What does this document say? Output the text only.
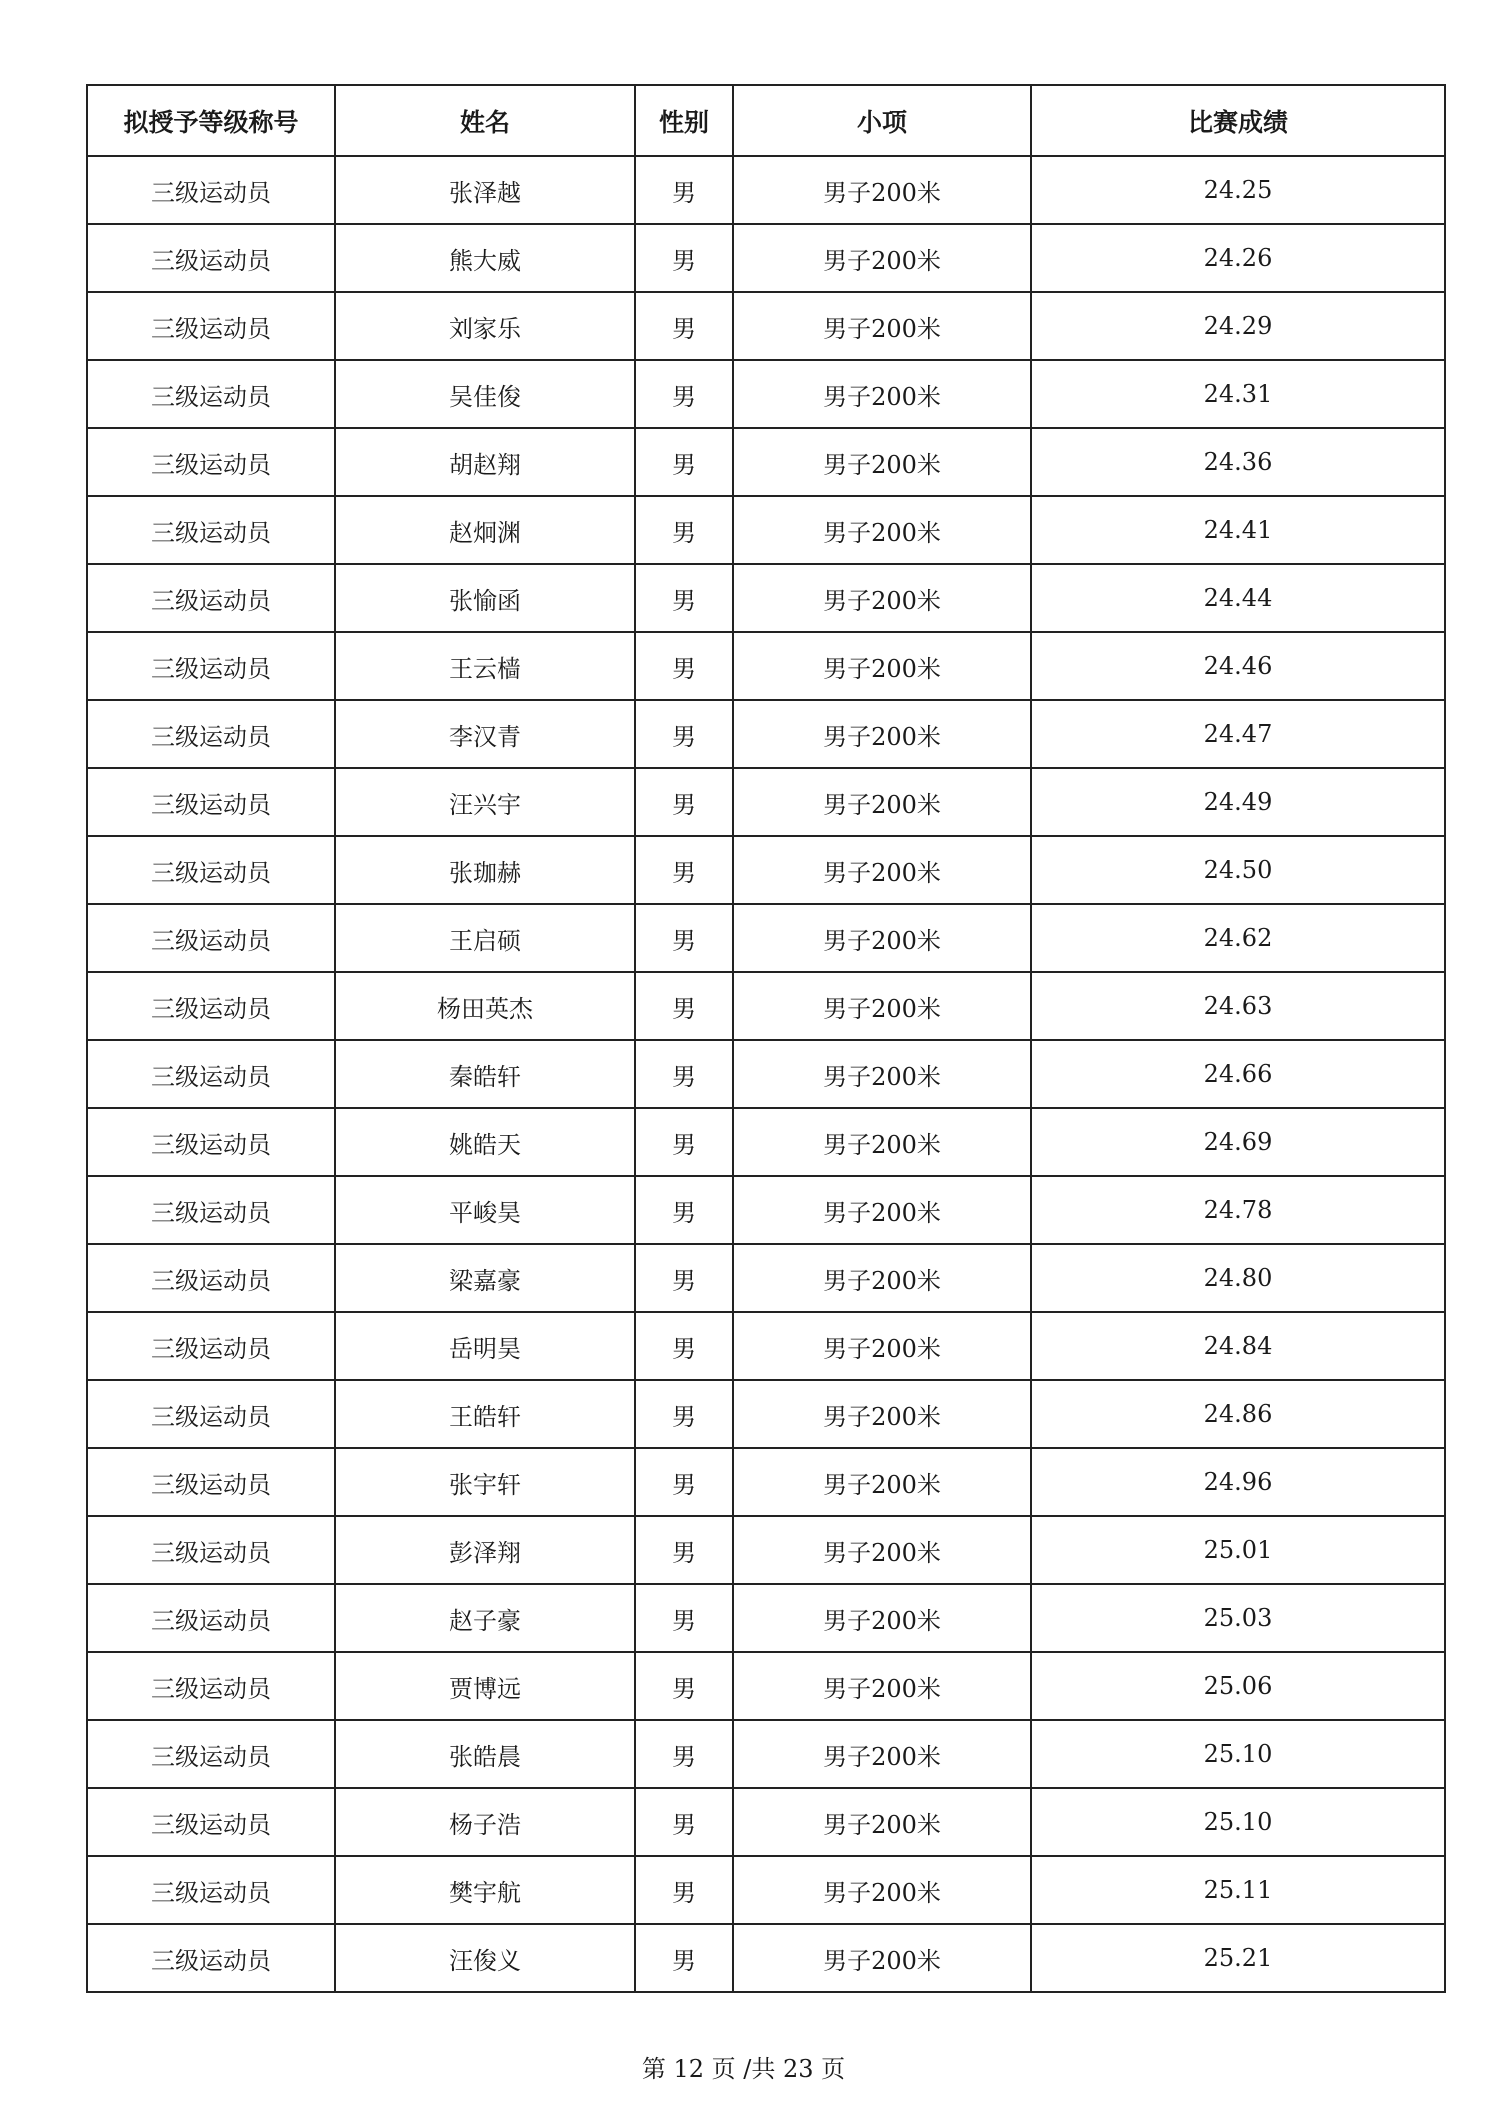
拟授予等级称号	姓名	性别	小项	比赛成绩
三级运动员	张泽越	男	男子200米	24.25
三级运动员	熊大威	男	男子200米	24.26
三级运动员	刘家乐	男	男子200米	24.29
三级运动员	吴佳俊	男	男子200米	24.31
三级运动员	胡赵翔	男	男子200米	24.36
三级运动员	赵炯渊	男	男子200米	24.41
三级运动员	张愉函	男	男子200米	24.44
三级运动员	王云樯	男	男子200米	24.46
三级运动员	李汉青	男	男子200米	24.47
三级运动员	汪兴宇	男	男子200米	24.49
三级运动员	张珈赫	男	男子200米	24.50
三级运动员	王启硕	男	男子200米	24.62
三级运动员	杨田英杰	男	男子200米	24.63
三级运动员	秦皓轩	男	男子200米	24.66
三级运动员	姚皓天	男	男子200米	24.69
三级运动员	平峻昊	男	男子200米	24.78
三级运动员	梁嘉豪	男	男子200米	24.80
三级运动员	岳明昊	男	男子200米	24.84
三级运动员	王皓轩	男	男子200米	24.86
三级运动员	张宇轩	男	男子200米	24.96
三级运动员	彭泽翔	男	男子200米	25.01
三级运动员	赵子豪	男	男子200米	25.03
三级运动员	贾博远	男	男子200米	25.06
三级运动员	张皓晨	男	男子200米	25.10
三级运动员	杨子浩	男	男子200米	25.10
三级运动员	樊宇航	男	男子200米	25.11
三级运动员	汪俊义	男	男子200米	25.21
第 12 页 /共 23 页
